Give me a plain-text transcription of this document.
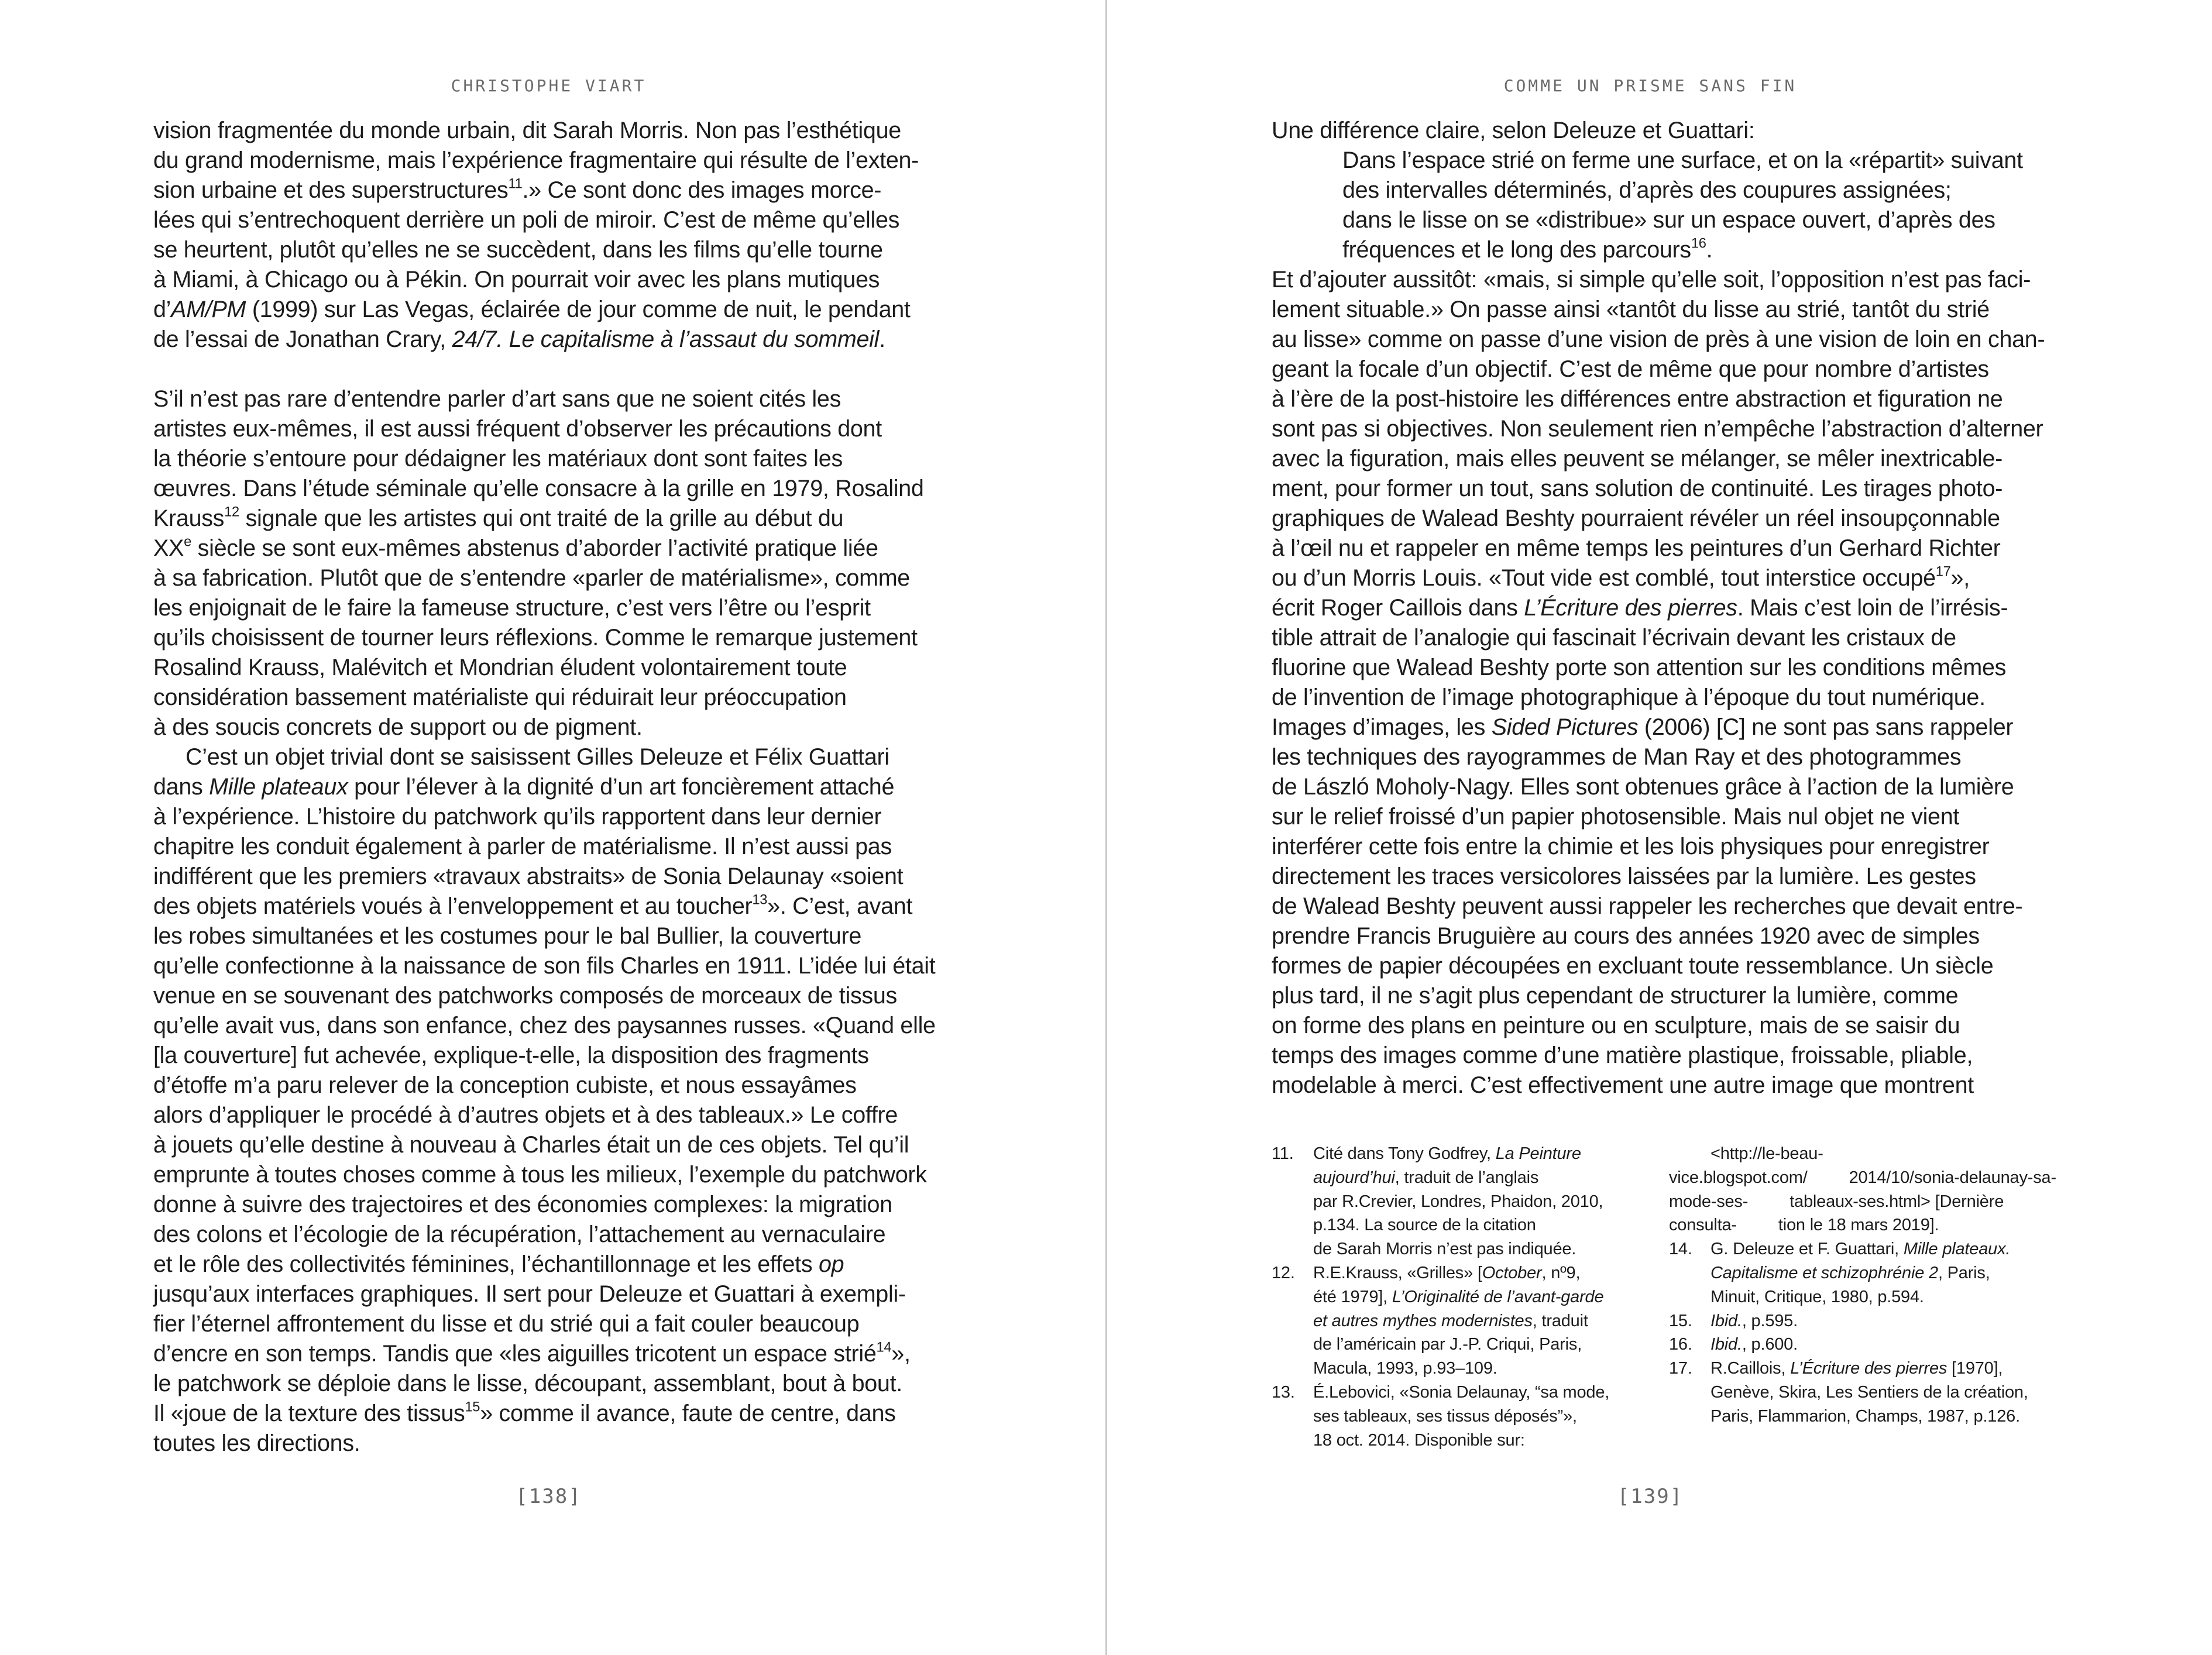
CHRISTOPHE VIART
vision fragmentée du monde urbain, dit Sarah Morris. Non pas l’esthétique
du grand modernisme, mais l’expérience fragmentaire qui résulte de l’exten-
sion urbaine et des superstructures$^{11}$.» Ce sont donc des images morce-
lées qui s’entrechoquent derrière un poli de miroir. C’est de même qu’elles
se heurtent, plutôt qu’elles ne se succèdent, dans les films qu’elle tourne
à Miami, à Chicago ou à Pékin. On pourrait voir avec les plans mutiques
d’AM/PM (1999) sur Las Vegas, éclairée de jour comme de nuit, le pendant
de l’essai de Jonathan Crary, 24/7. Le capitalisme à l’assaut du sommeil.
S’il n’est pas rare d’entendre parler d’art sans que ne soient cités les
artistes eux-mêmes, il est aussi fréquent d’observer les précautions dont
la théorie s’entoure pour dédaigner les matériaux dont sont faites les
œuvres. Dans l’étude séminale qu’elle consacre à la grille en 1979, Rosalind
Krauss$^{12}$ signale que les artistes qui ont traité de la grille au début du
XXe siècle se sont eux-mêmes abstenus d’aborder l’activité pratique liée
à sa fabrication. Plutôt que de s’entendre «parler de matérialisme», comme
les enjoignait de le faire la fameuse structure, c’est vers l’être ou l’esprit
qu’ils choisissent de tourner leurs réflexions. Comme le remarque justement
Rosalind Krauss, Malévitch et Mondrian éludent volontairement toute
considération bassement matérialiste qui réduirait leur préoccupation
à des soucis concrets de support ou de pigment.
C’est un objet trivial dont se saisissent Gilles Deleuze et Félix Guattari
dans Mille plateaux pour l’élever à la dignité d’un art foncièrement attaché
à l’expérience. L’histoire du patchwork qu’ils rapportent dans leur dernier
chapitre les conduit également à parler de matérialisme. Il n’est aussi pas
indifférent que les premiers «travaux abstraits» de Sonia Delaunay «soient
des objets matériels voués à l’enveloppement et au toucher$^{13}$». C’est, avant
les robes simultanées et les costumes pour le bal Bullier, la couverture
qu’elle confectionne à la naissance de son fils Charles en 1911. L’idée lui était
venue en se souvenant des patchworks composés de morceaux de tissus
qu’elle avait vus, dans son enfance, chez des paysannes russes. «Quand elle
[la couverture] fut achevée, explique-t-elle, la disposition des fragments
d’étoffe m’a paru relever de la conception cubiste, et nous essayâmes
alors d’appliquer le procédé à d’autres objets et à des tableaux.» Le coffre
à jouets qu’elle destine à nouveau à Charles était un de ces objets. Tel qu’il
emprunte à toutes choses comme à tous les milieux, l’exemple du patchwork
donne à suivre des trajectoires et des économies complexes: la migration
des colons et l’écologie de la récupération, l’attachement au vernaculaire
et le rôle des collectivités féminines, l’échantillonnage et les effets op
jusqu’aux interfaces graphiques. Il sert pour Deleuze et Guattari à exempli-
fier l’éternel affrontement du lisse et du strié qui a fait couler beaucoup
d’encre en son temps. Tandis que «les aiguilles tricotent un espace strié$^{14}$»,
le patchwork se déploie dans le lisse, découpant, assemblant, bout à bout.
Il «joue de la texture des tissus$^{15}$» comme il avance, faute de centre, dans
toutes les directions.
[138]
COMME UN PRISME SANS FIN
Une différence claire, selon Deleuze et Guattari:
Dans l’espace strié on ferme une surface, et on la «répartit» suivant
des intervalles déterminés, d’après des coupures assignées;
dans le lisse on se «distribue» sur un espace ouvert, d’après des
fréquences et le long des parcours$^{16}$.
Et d’ajouter aussitôt: «mais, si simple qu’elle soit, l’opposition n’est pas faci-
lement situable.» On passe ainsi «tantôt du lisse au strié, tantôt du strié
au lisse» comme on passe d’une vision de près à une vision de loin en chan-
geant la focale d’un objectif. C’est de même que pour nombre d’artistes
à l’ère de la post-histoire les différences entre abstraction et figuration ne
sont pas si objectives. Non seulement rien n’empêche l’abstraction d’alterner
avec la figuration, mais elles peuvent se mélanger, se mêler inextricable-
ment, pour former un tout, sans solution de continuité. Les tirages photo-
graphiques de Walead Beshty pourraient révéler un réel insoupçonnable
à l’œil nu et rappeler en même temps les peintures d’un Gerhard Richter
ou d’un Morris Louis. «Tout vide est comblé, tout interstice occupé$^{17}$»,
écrit Roger Caillois dans L’Écriture des pierres. Mais c’est loin de l’irrésis-
tible attrait de l’analogie qui fascinait l’écrivain devant les cristaux de
fluorine que Walead Beshty porte son attention sur les conditions mêmes
de l’invention de l’image photographique à l’époque du tout numérique.
Images d’images, les Sided Pictures (2006) [C] ne sont pas sans rappeler
les techniques des rayogrammes de Man Ray et des photogrammes
de László Moholy-Nagy. Elles sont obtenues grâce à l’action de la lumière
sur le relief froissé d’un papier photosensible. Mais nul objet ne vient
interférer cette fois entre la chimie et les lois physiques pour enregistrer
directement les traces versicolores laissées par la lumière. Les gestes
de Walead Beshty peuvent aussi rappeler les recherches que devait entre-
prendre Francis Bruguière au cours des années 1920 avec de simples
formes de papier découpées en excluant toute ressemblance. Un siècle
plus tard, il ne s’agit plus cependant de structurer la lumière, comme
on forme des plans en peinture ou en sculpture, mais de se saisir du
temps des images comme d’une matière plastique, froissable, pliable,
modelable à merci. C’est effectivement une autre image que montrent
11. Cité dans Tony Godfrey, La Peinture
aujourd’hui, traduit de l’anglais
par R.Crevier, Londres, Phaidon, 2010,
p.134. La source de la citation
de Sarah Morris n’est pas indiquée.
12. R.E.Krauss, «Grilles» [October, nº9,
été 1979], L’Originalité de l’avant-garde
et autres mythes modernistes, traduit
de l’américain par J.-P. Criqui, Paris,
Macula, 1993, p.93–109.
13. É.Lebovici, «Sonia Delaunay, “sa mode,
ses tableaux, ses tissus déposés”»,
18 oct. 2014. Disponible sur:
<http://le-beau-vice.blogspot.com/ 2014/10/sonia-delaunay-sa-mode-ses- tableaux-ses.html> [Dernière consulta- tion le 18 mars 2019].
14. G. Deleuze et F. Guattari, Mille plateaux.
Capitalisme et schizophrénie 2, Paris,
Minuit, Critique, 1980, p.594.
15. Ibid., p.595.
16. Ibid., p.600.
17. R.Caillois, L’Écriture des pierres [1970],
Genève, Skira, Les Sentiers de la création,
Paris, Flammarion, Champs, 1987, p.126.
[139]
